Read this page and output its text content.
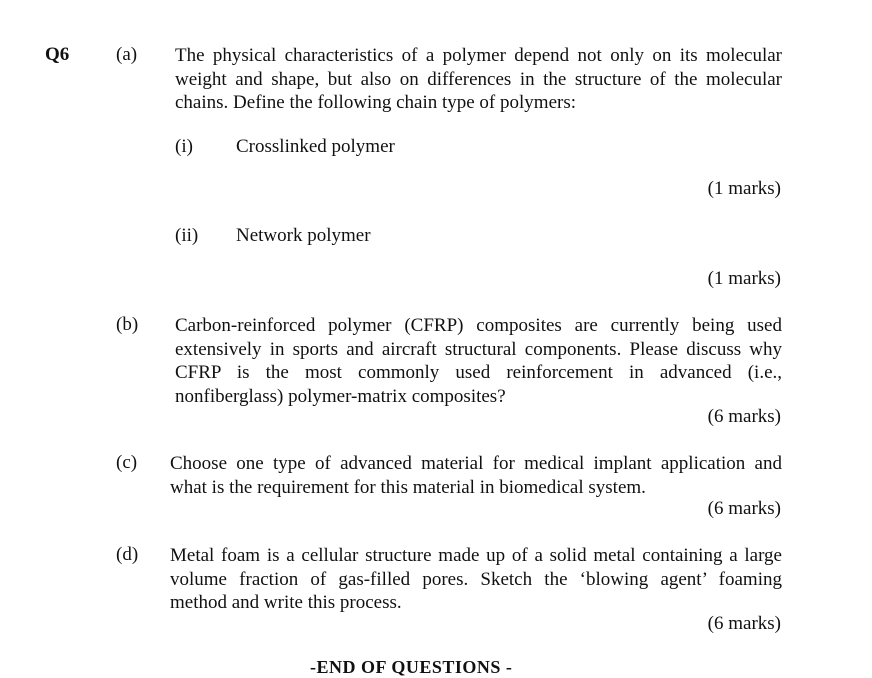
Q6 (a) The physical characteristics of a polymer depend not only on its molecular
weight and shape, but also on differences in the structure of the molecular
chains. Define the following chain type of polymers:
(i) Crosslinked polymer
(1 marks)
(ii) Network polymer
(1 marks)
(b) Carbon-reinforced polymer (CFRP) composites are currently being used
extensively in sports and aircraft structural components. Please discuss why
CFRP is the most commonly used reinforcement in advanced (i.e.,
nonfiberglass) polymer-matrix composites?
(6 marks)
(c) Choose one type of advanced material for medical implant application and
what is the requirement for this material in biomedical system.
(6 marks)
(d) Metal foam is a cellular structure made up of a solid metal containing a large
volume fraction of gas-filled pores. Sketch the ‘blowing agent’ foaming
method and write this process.
(6 marks)
-END OF QUESTIONS -
